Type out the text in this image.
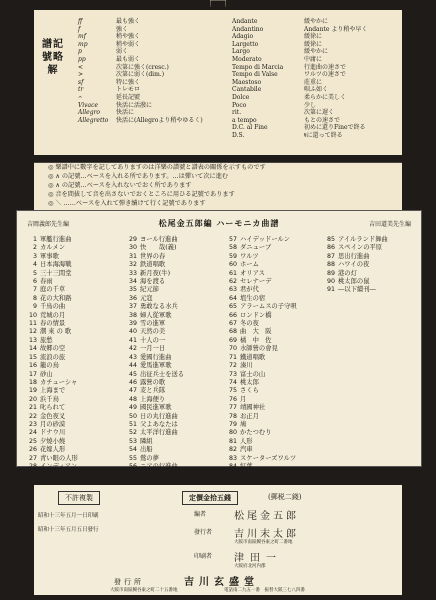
譜記號略解
ff	最も強く
f	強く
mf	稍や強く
mp	稍や弱く
p	弱く
pp	最も弱く
<	次第に強く(cresc.)
>	次第に弱く(dim.)
sf	特に強く
tr	トレモロ
𝄐	延長記號
Vivace	快活に活潑に
Allegro	快活に
Allegretto	快活に(Allegroより稍やゆるく)
Andante	緩やかに
Andantino	Andante より稍や早く
Adagio	緩徐に
Largetto	緩徐に
Largo	緩やかに
Moderato	中庸に
Tempo di Marcia	行進曲の速さで
Tempo di Valse	ワルツの速さで
Maestoso	莊重に
Cantabile	唄ふ如く
Dolce	柔らかに美しく
Poco	少し
rit.	次第に遅く
a tempo	もとの速さで
D.C. al Fine	初めに還りFineで終る
D.S.	𝄋に還って終る
◎ 樂譜中に數字を記してありますのは洋樂の譜號と譜表の關係を示すものです
◎ ∧ の記號…ベースを入れる所であります。…は彈いて次に進む
◎ ∧ の記號…ベースを入れないでおく所であります
◎ 音を間拔して音を出さないでおくところに用ひる記號であります
◎ ＼ ……ベースを入れて弾き續けて行く記號であります
吉岡義郎先生編	松尾金五郎編 ハーモニカ曲譜	吉田道美先生編
1 軍艦行進曲
2 カルメン
3 軍事歌
4 日本海海戰
5 三十三間堂
6 春雨
7 庭の千草
8 花の大和路
9 千鳥の曲
10 荒城の月
11 春の情景
12 潮 來 の 歌
13 旅愁
14 故郷の空
15 流浪の旅
16 籠の鳥
17 砂山
18 カチューシャ
19 上海まで
20 浜千鳥
21 叱られて
22 金色夜叉
23 月の砂漠
24 ドナウ川
25 夕燒小燒
26 花嫁人形
27 青い眼の人形
28 インディアン
29 ヨール行進曲
30 快　　哉(義)
31 世界の春
32 鉄道唱歌
33 新月夜(牛)
34 海を渡る
35 紀元節
36 元寇
37 勇敢なる水兵
38 婦人從軍歌
39 雪の進軍
40 天然の美
41 十人の一
42 一月一日
43 愛國行進曲
44 愛馬進軍歌
45 出征兵士を送る
46 露營の歌
47 麦と兵隊
48 上海便り
49 國民進軍歌
50 日の丸行進曲
51 父よあなたは
52 太平洋行進曲
53 隣組
54 出船
55 鶯の夢
56 ニアの行進曲
57 ハイデッドールン
58 ダニューブ
59 ワルツ
60 ホーム
61 オリアス
62 セレナーデ
63 君が代
64 埴生の宿
65 アラームスの子守唄
66 ロンドン橋
67 冬の夜
68 曲　大　阪
69 橘　中　佐
70 水師營の會見
71 鐵道唱歌
72 湊川
73 富士の山
74 桃太郎
75 さくら
76 月
77 靖國神社
78 お正月
79 鳩
80 かたつむり
81 人形
82 汽車
83 スケーターズワルツ
84 紅葉
85 アイルランド舞曲
86 スペインの平原
87 思出行進曲
88 ハワイの夜
89 港の灯
90 桃太郎の鼠
91 ―以下續刊―
不許複製	定價金拾五錢	(郵税二錢)
昭和十三年五月一日印刷
昭和十三年五月五日發行
編者	松尾金五郎
發行者 吉川末太郎
大阪市南區鰻谷東之町二番地
印刷者 津田一
大阪府北河内郡
發行所	吉川玄盛堂
大阪市南區鰻谷東之町二十五番地	電話南二九五一番　振替大阪三七八四番
